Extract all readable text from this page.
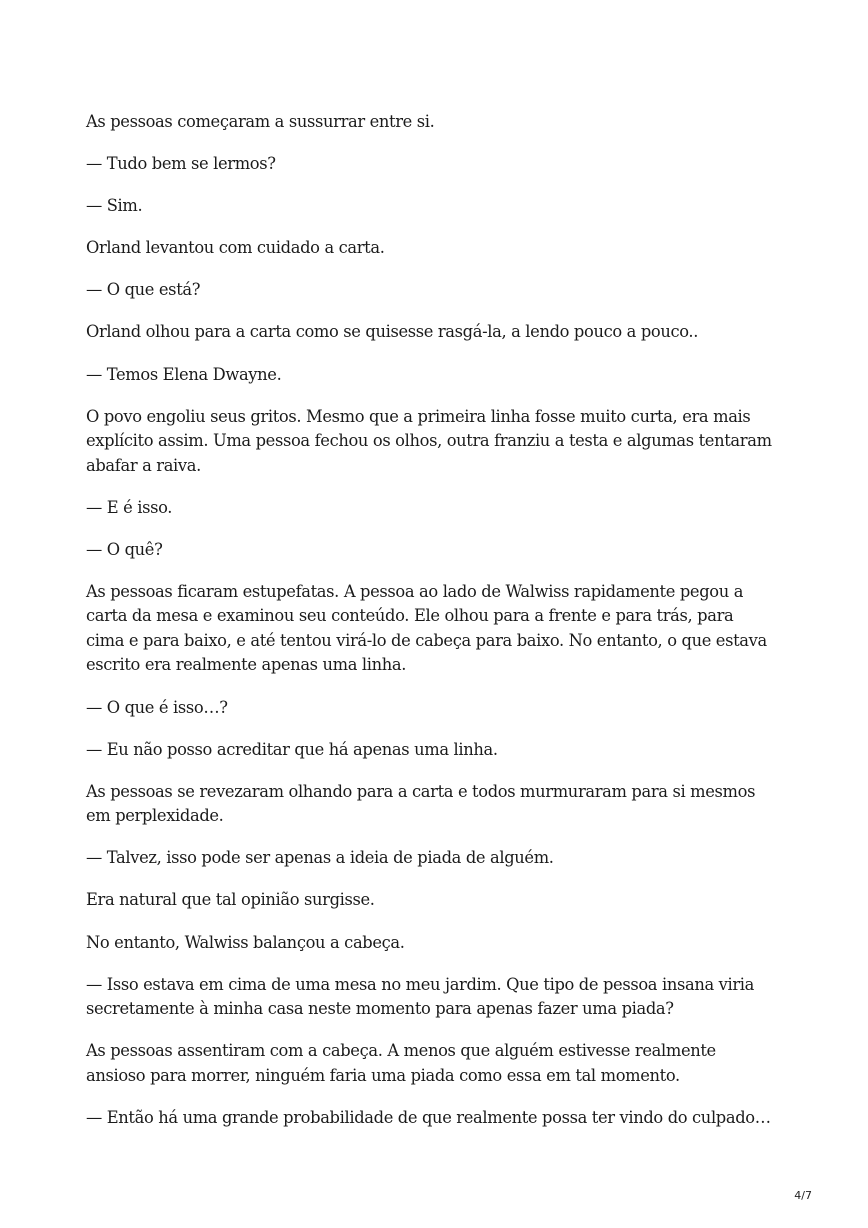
As pessoas começaram a sussurrar entre si.

— Tudo bem se lermos?

— Sim.

Orland levantou com cuidado a carta.

— O que está?

Orland olhou para a carta como se quisesse rasgá-la, a lendo pouco a pouco..

— Temos Elena Dwayne.

O povo engoliu seus gritos. Mesmo que a primeira linha fosse muito curta, era mais explícito assim. Uma pessoa fechou os olhos, outra franziu a testa e algumas tentaram abafar a raiva.

— E é isso.

— O quê?

As pessoas ficaram estupefatas. A pessoa ao lado de Walwiss rapidamente pegou a carta da mesa e examinou seu conteúdo. Ele olhou para a frente e para trás, para cima e para baixo, e até tentou virá-lo de cabeça para baixo. No entanto, o que estava escrito era realmente apenas uma linha.

— O que é isso…?

— Eu não posso acreditar que há apenas uma linha.

As pessoas se revezaram olhando para a carta e todos murmuraram para si mesmos em perplexidade.

— Talvez, isso pode ser apenas a ideia de piada de alguém.

Era natural que tal opinião surgisse.

No entanto, Walwiss balançou a cabeça.

— Isso estava em cima de uma mesa no meu jardim. Que tipo de pessoa insana viria secretamente à minha casa neste momento para apenas fazer uma piada?

As pessoas assentiram com a cabeça. A menos que alguém estivesse realmente ansioso para morrer, ninguém faria uma piada como essa em tal momento.

— Então há uma grande probabilidade de que realmente possa ter vindo do culpado…

4/7
